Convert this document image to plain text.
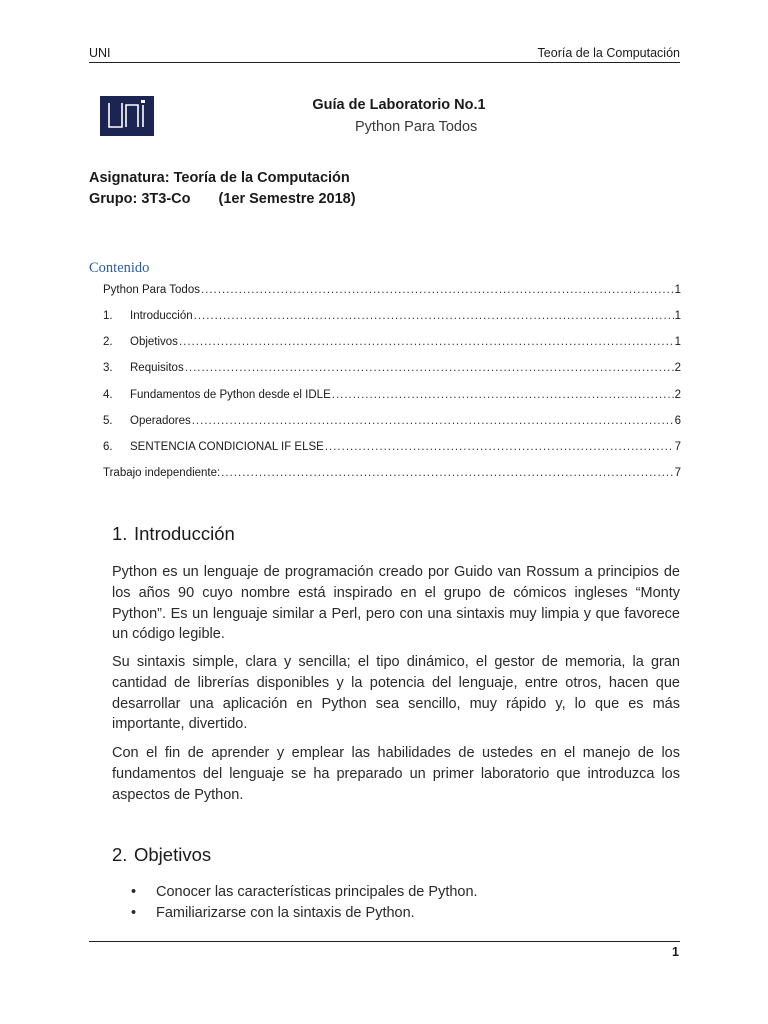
UNI	Teoría de la Computación
Guía de Laboratorio No.1
Python Para Todos
Asignatura: Teoría de la Computación
Grupo: 3T3-Co (1er Semestre 2018)
Contenido
Python Para Todos .....	1
1.	Introducción .....	1
2.	Objetivos .....	1
3.	Requisitos .....	2
4.	Fundamentos de Python desde el IDLE .....	2
5.	Operadores .....	6
6.	SENTENCIA CONDICIONAL IF ELSE .....	7
Trabajo independiente: .....	7
1. Introducción
Python es un lenguaje de programación creado por Guido van Rossum a principios de los años 90 cuyo nombre está inspirado en el grupo de cómicos ingleses “Monty Python”. Es un lenguaje similar a Perl, pero con una sintaxis muy limpia y que favorece un código legible.
Su sintaxis simple, clara y sencilla; el tipo dinámico, el gestor de memoria, la gran cantidad de librerías disponibles y la potencia del lenguaje, entre otros, hacen que desarrollar una aplicación en Python sea sencillo, muy rápido y, lo que es más importante, divertido.
Con el fin de aprender y emplear las habilidades de ustedes en el manejo de los fundamentos del lenguaje se ha preparado un primer laboratorio que introduzca los aspectos de Python.
2. Objetivos
• Conocer las características principales de Python.
• Familiarizarse con la sintaxis de Python.
1
